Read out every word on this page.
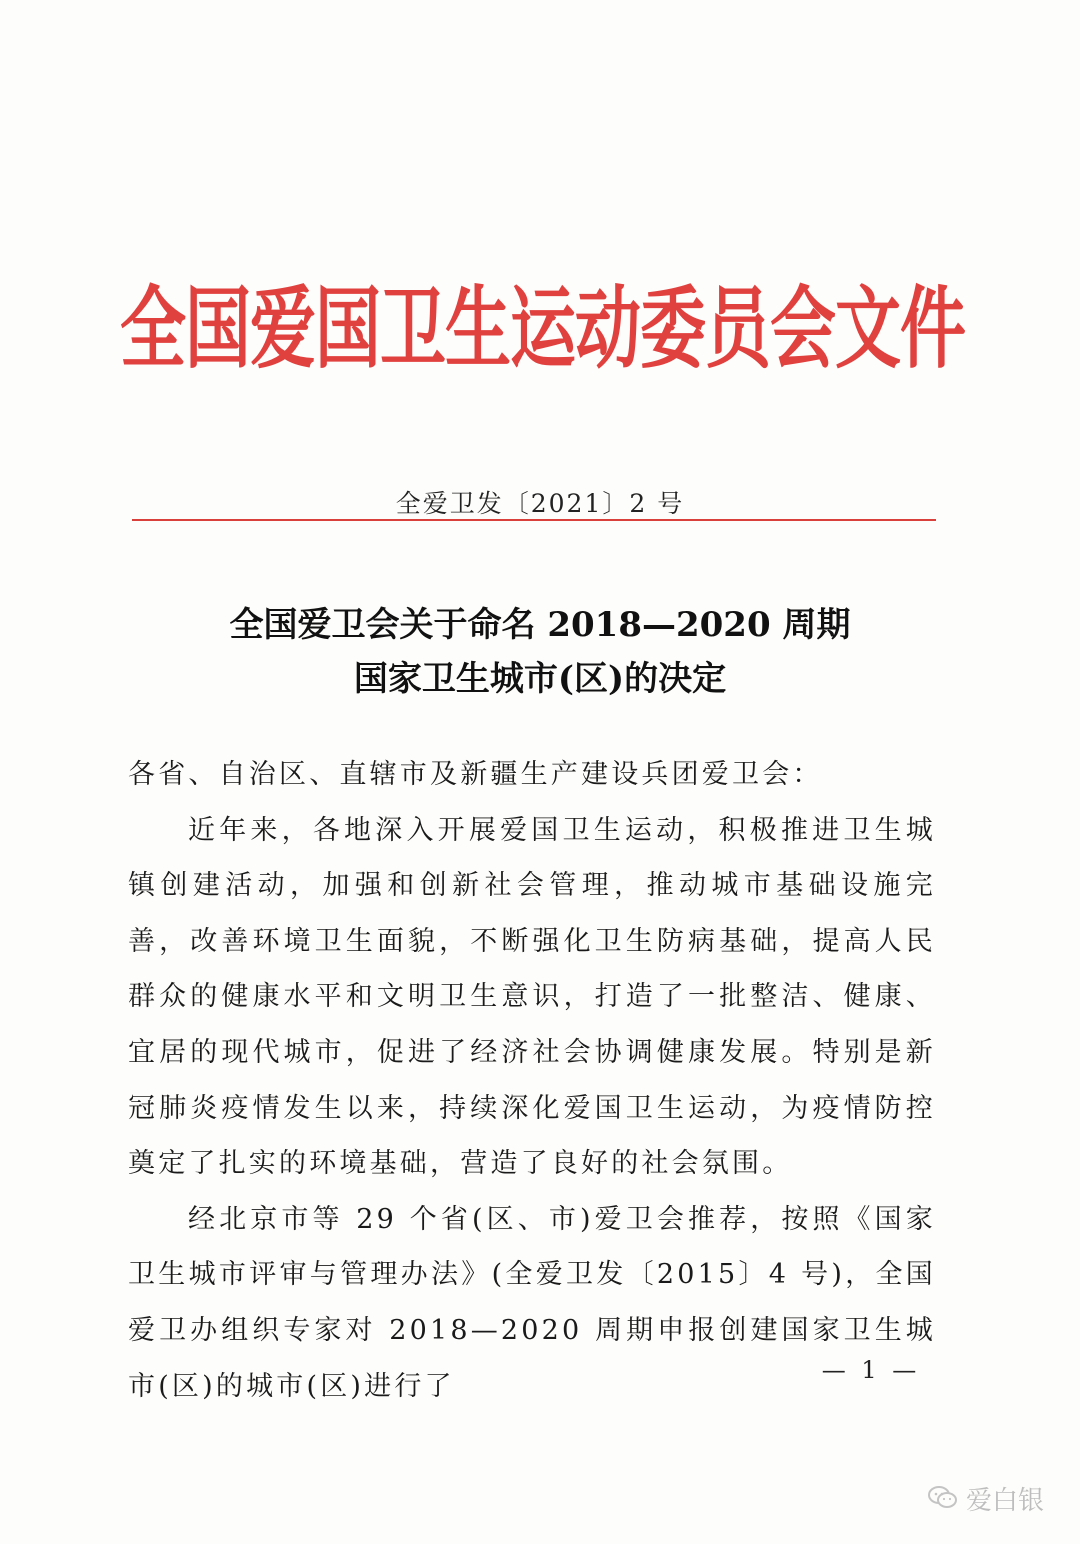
全国爱国卫生运动委员会文件
全爱卫发〔2021〕2 号
全国爱卫会关于命名 2018—2020 周期
国家卫生城市(区)的决定

各省、自治区、直辖市及新疆生产建设兵团爱卫会：

近年来，各地深入开展爱国卫生运动，积极推进卫生城镇创建活动，加强和创新社会管理，推动城市基础设施完善，改善环境卫生面貌，不断强化卫生防病基础，提高人民群众的健康水平和文明卫生意识，打造了一批整洁、健康、宜居的现代城市，促进了经济社会协调健康发展。特别是新冠肺炎疫情发生以来，持续深化爱国卫生运动，为疫情防控奠定了扎实的环境基础，营造了良好的社会氛围。

经北京市等 29 个省(区、市)爱卫会推荐，按照《国家卫生城市评审与管理办法》(全爱卫发〔2015〕4 号)，全国爱卫办组织专家对 2018—2020 周期申报创建国家卫生城市(区)的城市(区)进行了

— 1 —
爱白银
